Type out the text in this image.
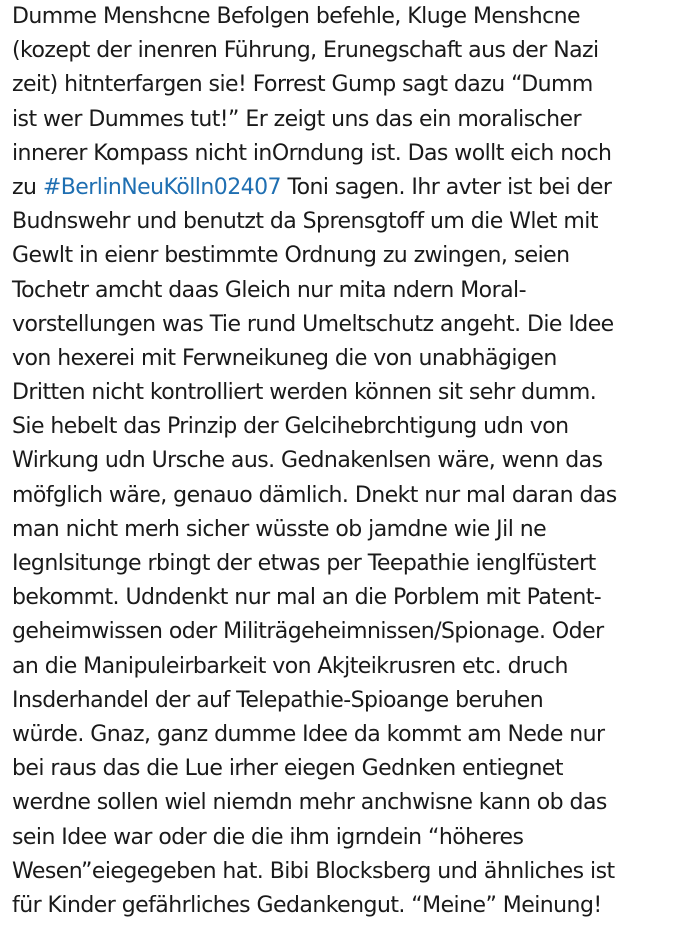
Dumme Menshcne Befolgen befehle, Kluge Menshcne
(kozept der inenren Führung, Erunegschaft aus der Nazi
zeit) hitnterfargen sie! Forrest Gump sagt dazu “Dumm
ist wer Dummes tut!” Er zeigt uns das ein moralischer
innerer Kompass nicht inOrndung ist. Das wollt eich noch
zu #BerlinNeuKölln02407 Toni sagen. Ihr avter ist bei der
Budnswehr und benutzt da Sprensgtoff um die Wlet mit
Gewlt in eienr bestimmte Ordnung zu zwingen, seien
Tochetr amcht daas Gleich nur mita ndern Moral-
vorstellungen was Tie rund Umeltschutz angeht. Die Idee
von hexerei mit Ferwneikuneg die von unabhägigen
Dritten nicht kontrolliert werden können sit sehr dumm.
Sie hebelt das Prinzip der Gelcihebrchtigung udn von
Wirkung udn Ursche aus. Gednakenlsen wäre, wenn das
möfglich wäre, genauo dämlich. Dnekt nur mal daran das
man nicht merh sicher wüsste ob jamdne wie Jil ne
Iegnlsitunge rbingt der etwas per Teepathie ienglfüstert
bekommt. Udndenkt nur mal an die Porblem mit Patent-
geheimwissen oder Militrägeheimnissen/Spionage. Oder
an die Manipuleirbarkeit von Akjteikrusren etc. druch
Insderhandel der auf Telepathie-Spioange beruhen
würde. Gnaz, ganz dumme Idee da kommt am Nede nur
bei raus das die Lue irher eiegen Gednken entiegnet
werdne sollen wiel niemdn mehr anchwisne kann ob das
sein Idee war oder die die ihm igrndein “höheres
Wesen”eiegegeben hat. Bibi Blocksberg und ähnliches ist
für Kinder gefährliches Gedankengut. “Meine” Meinung!
